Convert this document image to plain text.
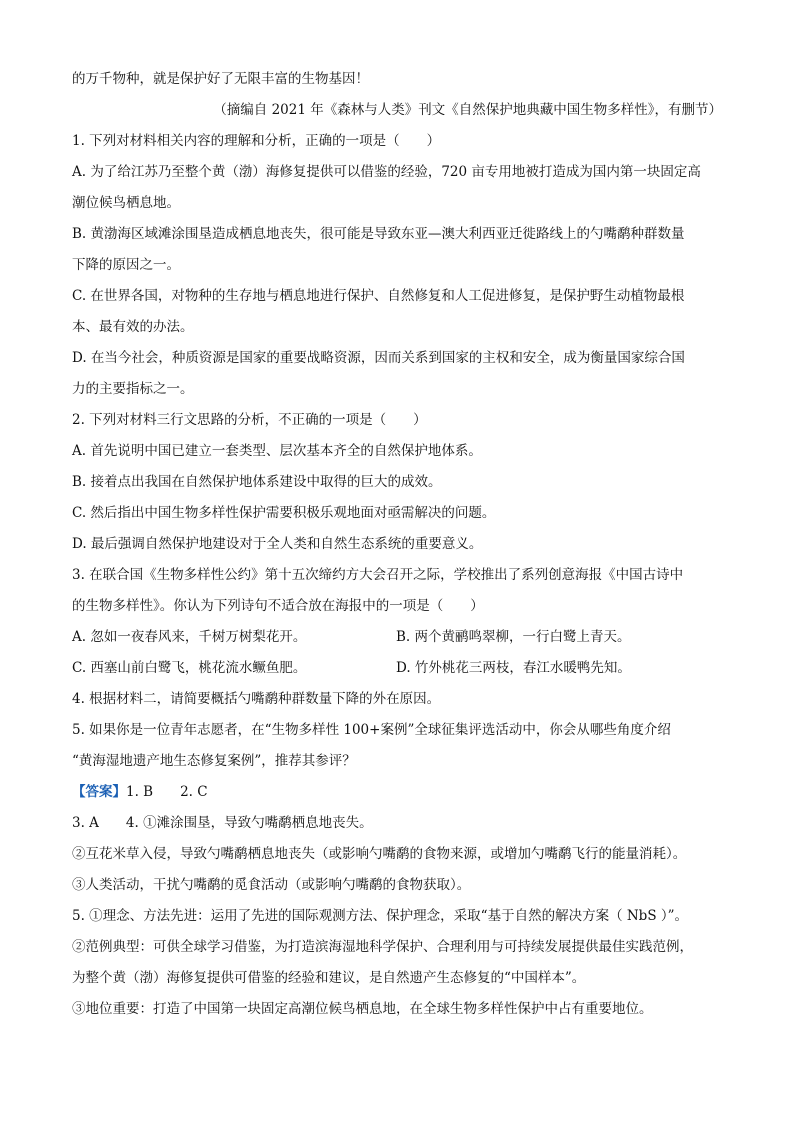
的万千物种，就是保护好了无限丰富的生物基因！
（摘编自 2021 年《森林与人类》刊文《自然保护地典藏中国生物多样性》，有删节）
1. 下列对材料相关内容的理解和分析，正确的一项是（　　）
A. 为了给江苏乃至整个黄（渤）海修复提供可以借鉴的经验，720 亩专用地被打造成为国内第一块固定高
潮位候鸟栖息地。
B. 黄渤海区域滩涂围垦造成栖息地丧失，很可能是导致东亚—澳大利西亚迁徙路线上的勺嘴鹬种群数量
下降的原因之一。
C. 在世界各国，对物种的生存地与栖息地进行保护、自然修复和人工促进修复，是保护野生动植物最根
本、最有效的办法。
D. 在当今社会，种质资源是国家的重要战略资源，因而关系到国家的主权和安全，成为衡量国家综合国
力的主要指标之一。
2. 下列对材料三行文思路的分析，不正确的一项是（　　）
A. 首先说明中国已建立一套类型、层次基本齐全的自然保护地体系。
B. 接着点出我国在自然保护地体系建设中取得的巨大的成效。
C. 然后指出中国生物多样性保护需要积极乐观地面对亟需解决的问题。
D. 最后强调自然保护地建设对于全人类和自然生态系统的重要意义。
3. 在联合国《生物多样性公约》第十五次缔约方大会召开之际，学校推出了系列创意海报《中国古诗中
的生物多样性》。你认为下列诗句不适合放在海报中的一项是（　　）
A. 忽如一夜春风来，千树万树梨花开。	B. 两个黄鹂鸣翠柳，一行白鹭上青天。
C. 西塞山前白鹭飞，桃花流水鳜鱼肥。	D. 竹外桃花三两枝，春江水暖鸭先知。
4. 根据材料二，请简要概括勺嘴鹬种群数量下降的外在原因。
5. 如果你是一位青年志愿者，在“生物多样性 100+案例”全球征集评选活动中，你会从哪些角度介绍
“黄海湿地遗产地生态修复案例”，推荐其参评？
【答案】1. B　　2. C
3. A　　4. ①滩涂围垦，导致勺嘴鹬栖息地丧失。
②互花米草入侵，导致勺嘴鹬栖息地丧失（或影响勺嘴鹬的食物来源，或增加勺嘴鹬飞行的能量消耗）。
③人类活动，干扰勺嘴鹬的觅食活动（或影响勺嘴鹬的食物获取）。
5. ①理念、方法先进：运用了先进的国际观测方法、保护理念，采取“基于自然的解决方案（ NbS ）”。
②范例典型：可供全球学习借鉴，为打造滨海湿地科学保护、合理利用与可持续发展提供最佳实践范例，
为整个黄（渤）海修复提供可借鉴的经验和建议，是自然遗产生态修复的“中国样本”。
③地位重要：打造了中国第一块固定高潮位候鸟栖息地，在全球生物多样性保护中占有重要地位。
